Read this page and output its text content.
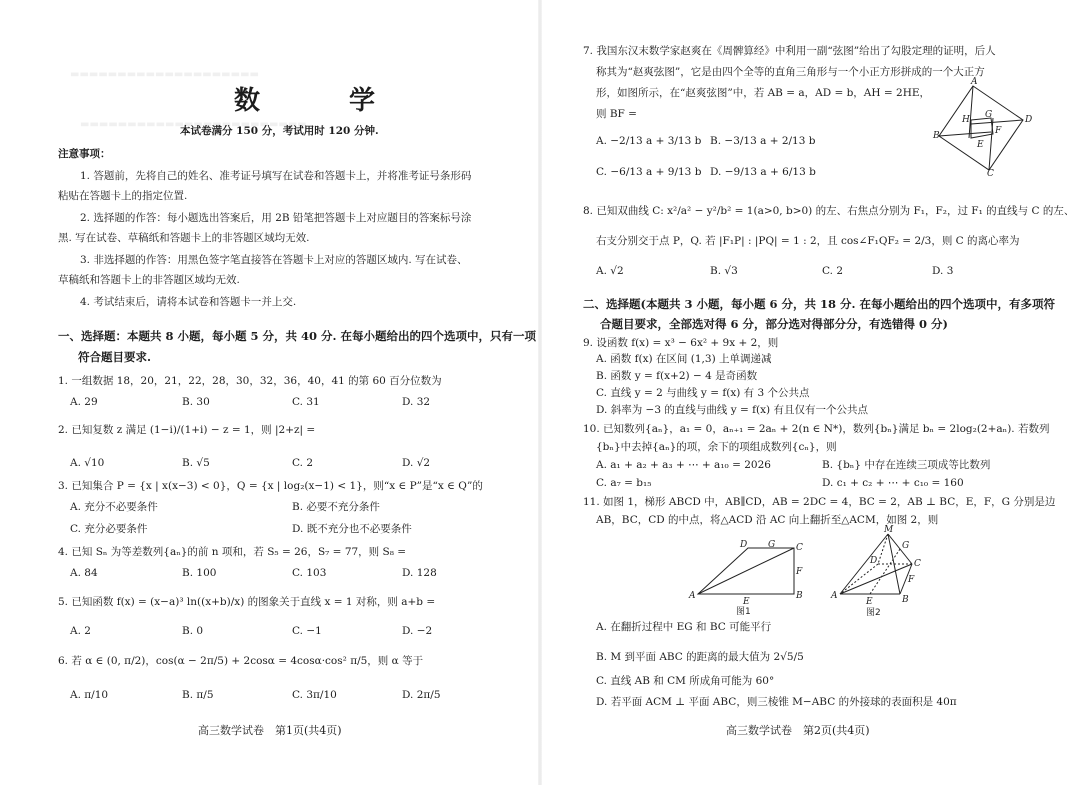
▬▬▬▬▬▬▬▬▬▬▬▬▬▬▬▬▬▬▬▬
▬▬▬▬▬▬▬▬▬▬▬▬▬▬▬▬▬▬▬▬▬▬▬▬
数 学
本试卷满分 150 分，考试用时 120 分钟.
注意事项：
1. 答题前，先将自己的姓名、准考证号填写在试卷和答题卡上，并将准考证号条形码
粘贴在答题卡上的指定位置.
2. 选择题的作答：每小题选出答案后，用 2B 铅笔把答题卡上对应题目的答案标号涂
黑. 写在试卷、草稿纸和答题卡上的非答题区域均无效.
3. 非选择题的作答：用黑色签字笔直接答在答题卡上对应的答题区域内. 写在试卷、
草稿纸和答题卡上的非答题区域均无效.
4. 考试结束后，请将本试卷和答题卡一并上交.
一、选择题：本题共 8 小题，每小题 5 分，共 40 分. 在每小题给出的四个选项中，只有一项
符合题目要求.
1. 一组数据 18，20，21，22，28，30，32，36，40，41 的第 60 百分位数为
A. 29	B. 30	C. 31	D. 32
2. 已知复数 z 满足 (1−i)/(1+i) − z = 1，则 |2+z| =
A. √10	B. √5	C. 2	D. √2
3. 已知集合 P = {x | x(x−3) < 0}，Q = {x | log₂(x−1) < 1}，则“x ∈ P”是“x ∈ Q”的
A. 充分不必要条件	B. 必要不充分条件
C. 充分必要条件	D. 既不充分也不必要条件
4. 已知 Sₙ 为等差数列{aₙ}的前 n 项和，若 S₅ = 26，S₇ = 77，则 S₈ =
A. 84	B. 100	C. 103	D. 128
5. 已知函数 f(x) = (x−a)³ ln((x+b)/x) 的图象关于直线 x = 1 对称，则 a+b =
A. 2	B. 0	C. −1	D. −2
6. 若 α ∈ (0, π/2)，cos(α − 2π/5) + 2cosα = 4cosα·cos² π/5，则 α 等于
A. π/10	B. π/5	C. 3π/10	D. 2π/5
高三数学试卷　第1页(共4页)
7. 我国东汉末数学家赵爽在《周髀算经》中利用一副“弦图”给出了勾股定理的证明，后人
称其为“赵爽弦图”，它是由四个全等的直角三角形与一个小正方形拼成的一个大正方
形，如图所示，在“赵爽弦图”中，若 AB = a，AD = b，AH = 2HE，
则 BF =
A. −2/13 a + 3/13 b B. −3/13 a + 2/13 b
C. −6/13 a + 9/13 b D. −9/13 a + 6/13 b
A
B
C
D
E
F
G
H
8. 已知双曲线 C: x²/a² − y²/b² = 1(a>0, b>0) 的左、右焦点分别为 F₁，F₂，过 F₁ 的直线与 C 的左、
右支分别交于点 P，Q. 若 |F₁P| : |PQ| = 1 : 2，且 cos∠F₁QF₂ = 2/3，则 C 的离心率为
A. √2	B. √3	C. 2	D. 3
二、选择题(本题共 3 小题，每小题 6 分，共 18 分. 在每小题给出的四个选项中，有多项符
合题目要求，全部选对得 6 分，部分选对得部分分，有选错得 0 分)
9. 设函数 f(x) = x³ − 6x² + 9x + 2，则
A. 函数 f(x) 在区间 (1,3) 上单调递减
B. 函数 y = f(x+2) − 4 是奇函数
C. 直线 y = 2 与曲线 y = f(x) 有 3 个公共点
D. 斜率为 −3 的直线与曲线 y = f(x) 有且仅有一个公共点
10. 已知数列{aₙ}，a₁ = 0，aₙ₊₁ = 2aₙ + 2(n ∈ N*)，数列{bₙ}满足 bₙ = 2log₂(2+aₙ). 若数列
{bₙ}中去掉{aₙ}的项，余下的项组成数列{cₙ}，则
A. a₁ + a₂ + a₃ + ⋯ + a₁₀ = 2026	B. {bₙ} 中存在连续三项成等比数列
C. a₇ = b₁₅	D. c₁ + c₂ + ⋯ + c₁₀ = 160
11. 如图 1，梯形 ABCD 中，AB∥CD，AB = 2DC = 4，BC = 2，AB ⊥ BC，E，F，G 分别是边
AB，BC，CD 的中点，将△ACD 沿 AC 向上翻折至△ACM，如图 2，则
D G C
F
A
E
B
图1
M
D
G
C
F
A
E	B
图2
A. 在翻折过程中 EG 和 BC 可能平行
B. M 到平面 ABC 的距离的最大值为 2√5/5
C. 直线 AB 和 CM 所成角可能为 60°
D. 若平面 ACM ⊥ 平面 ABC，则三棱锥 M−ABC 的外接球的表面积是 40π
高三数学试卷　第2页(共4页)
